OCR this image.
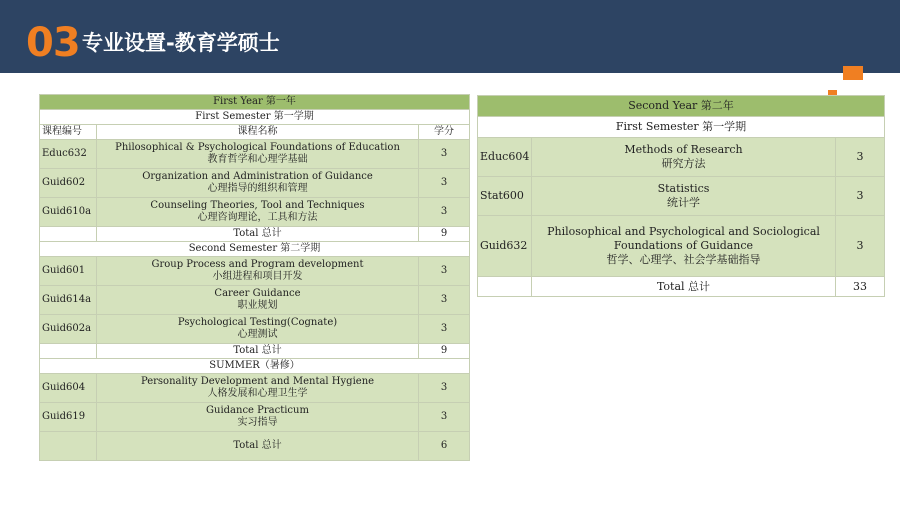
03 专业设置-教育学硕士
First Year 第一年		
First Semester 第一学期		
课程编号	课程名称	学分
Educ632	Philosophical & Psychological Foundations of Education
教育哲学和心理学基础	3
Guid602	Organization and Administration of Guidance
心理指导的组织和管理	3
Guid610a	Counseling Theories, Tool and Techniques
心理咨询理论，工具和方法	3
	Total 总计	9
Second Semester 第二学期		
Guid601	Group Process and Program development
小组进程和项目开发	3
Guid614a	Career Guidance
职业规划	3
Guid602a	Psychological Testing(Cognate)
心理测试	3
	Total 总计	9
SUMMER（暑修）		
Guid604	Personality Development and Mental Hygiene
人格发展和心理卫生学	3
Guid619	Guidance Practicum
实习指导	3
	Total 总计	6
Second Year 第二年		
First Semester 第一学期		
Educ604	Methods of Research
研究方法	3
Stat600	Statistics
统计学	3
Guid632	Philosophical and Psychological and Sociological Foundations of Guidance
哲学、心理学、社会学基础指导	3
	Total 总计	33
